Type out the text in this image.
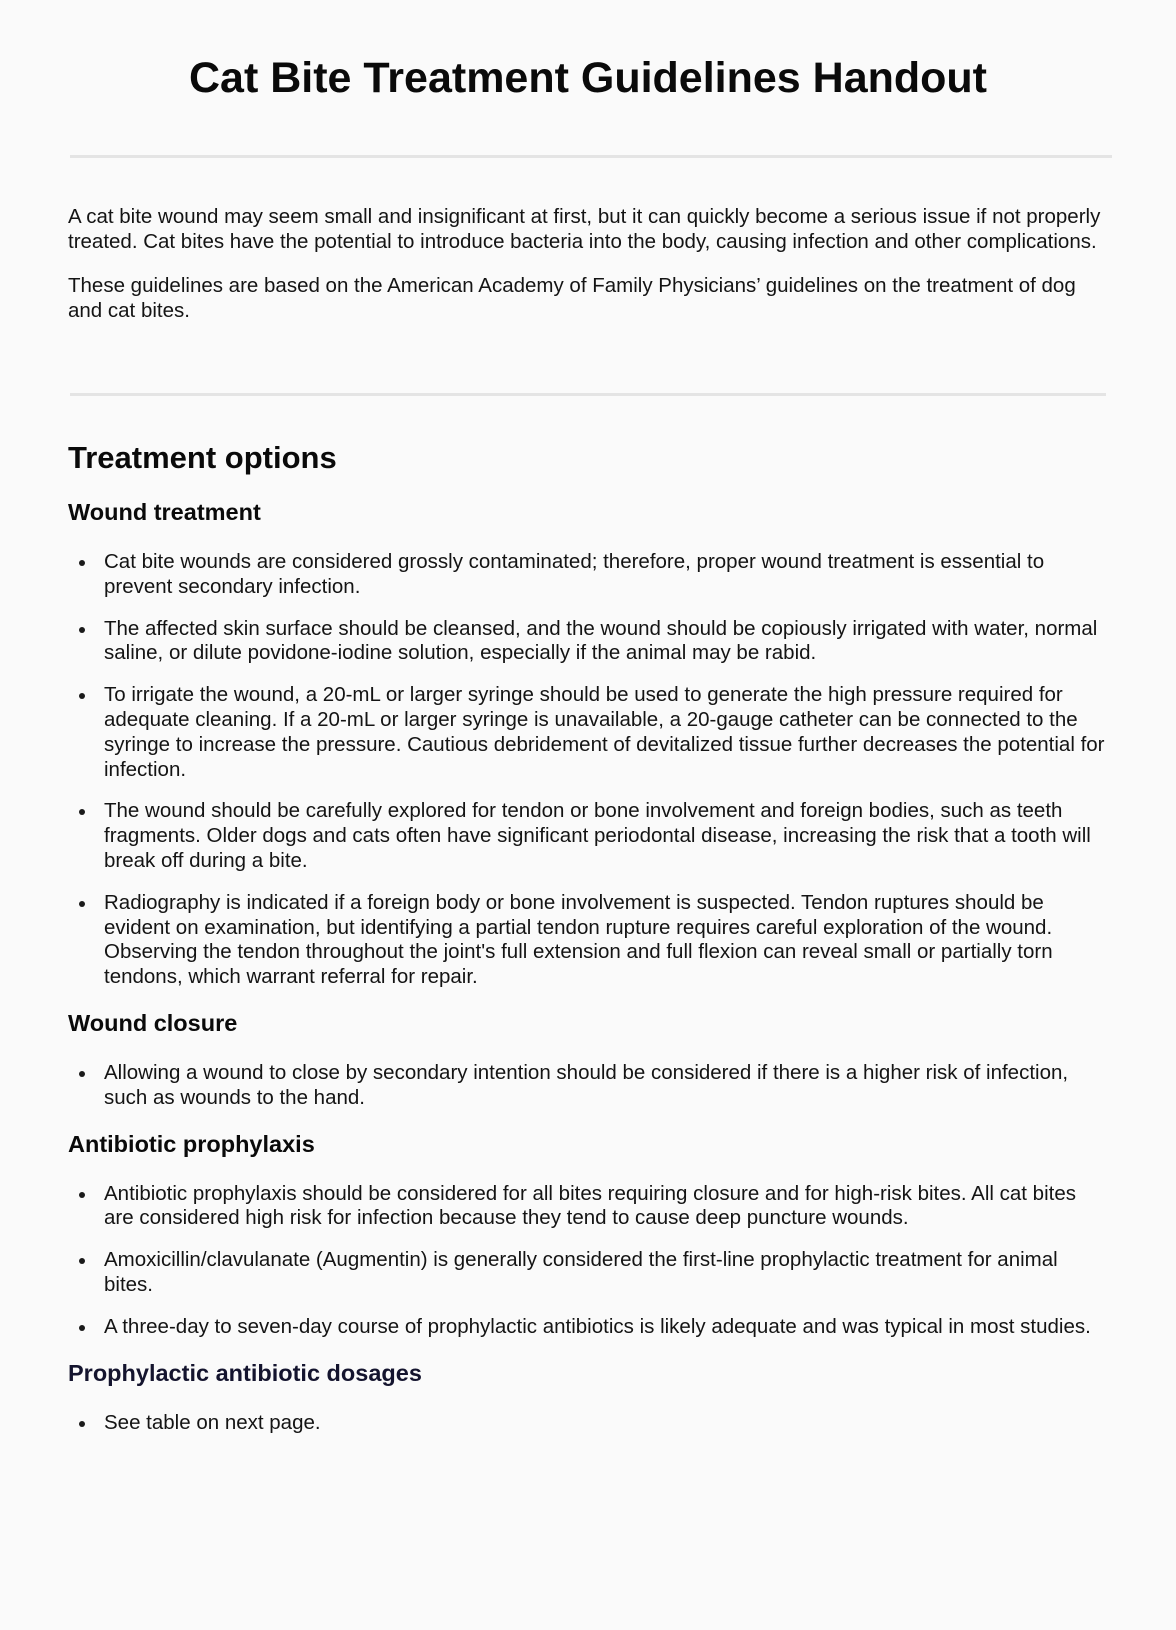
Cat Bite Treatment Guidelines Handout

A cat bite wound may seem small and insignificant at first, but it can quickly become a serious issue if not properly treated. Cat bites have the potential to introduce bacteria into the body, causing infection and other complications.

These guidelines are based on the American Academy of Family Physicians’ guidelines on the treatment of dog and cat bites.

Treatment options
Wound treatment
Cat bite wounds are considered grossly contaminated; therefore, proper wound treatment is essential to prevent secondary infection.
The affected skin surface should be cleansed, and the wound should be copiously irrigated with water, normal saline, or dilute povidone-iodine solution, especially if the animal may be rabid.
To irrigate the wound, a 20-mL or larger syringe should be used to generate the high pressure required for adequate cleaning. If a 20-mL or larger syringe is unavailable, a 20-gauge catheter can be connected to the syringe to increase the pressure. Cautious debridement of devitalized tissue further decreases the potential for infection.
The wound should be carefully explored for tendon or bone involvement and foreign bodies, such as teeth fragments. Older dogs and cats often have significant periodontal disease, increasing the risk that a tooth will break off during a bite.
Radiography is indicated if a foreign body or bone involvement is suspected. Tendon ruptures should be evident on examination, but identifying a partial tendon rupture requires careful exploration of the wound. Observing the tendon throughout the joint's full extension and full flexion can reveal small or partially torn tendons, which warrant referral for repair.
Wound closure
Allowing a wound to close by secondary intention should be considered if there is a higher risk of infection, such as wounds to the hand.
Antibiotic prophylaxis
Antibiotic prophylaxis should be considered for all bites requiring closure and for high-risk bites. All cat bites are considered high risk for infection because they tend to cause deep puncture wounds.
Amoxicillin/clavulanate (Augmentin) is generally considered the first-line prophylactic treatment for animal bites.
A three-day to seven-day course of prophylactic antibiotics is likely adequate and was typical in most studies.
Prophylactic antibiotic dosages
See table on next page.
